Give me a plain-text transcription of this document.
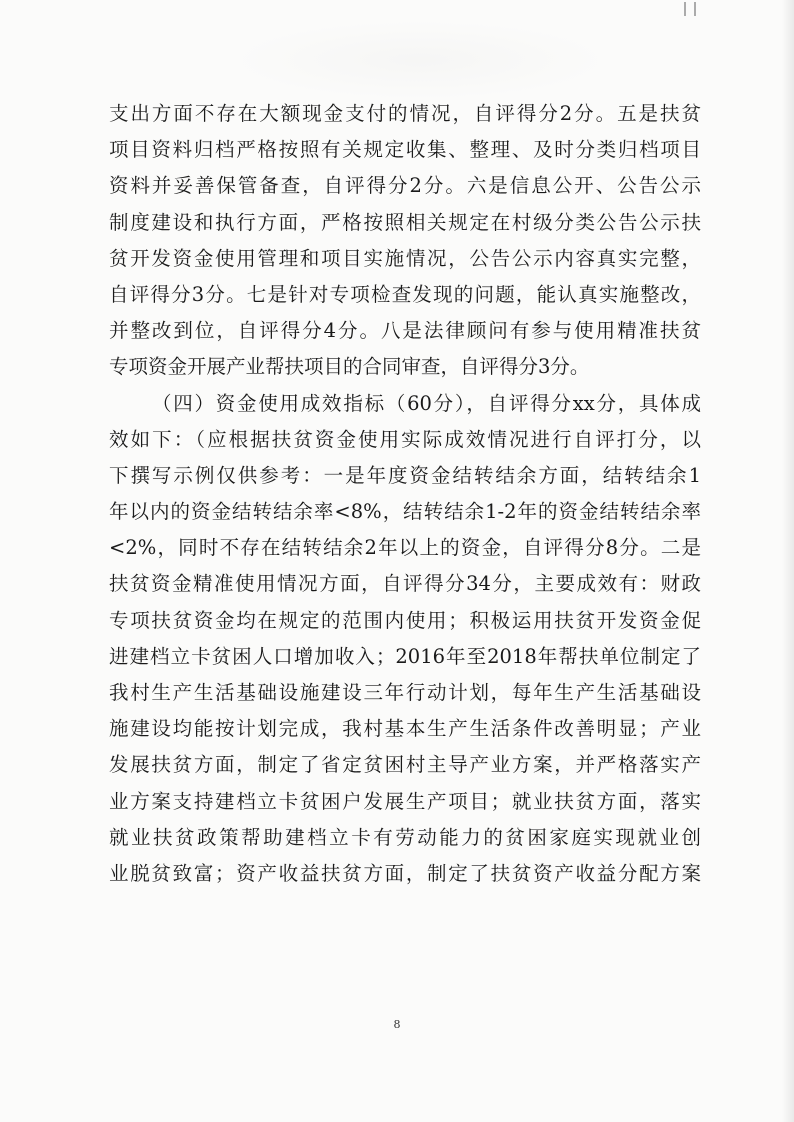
支出方面不存在大额现金支付的情况，自评得分2分。五是扶贫
项目资料归档严格按照有关规定收集、整理、及时分类归档项目
资料并妥善保管备查，自评得分2分。六是信息公开、公告公示
制度建设和执行方面，严格按照相关规定在村级分类公告公示扶
贫开发资金使用管理和项目实施情况，公告公示内容真实完整，
自评得分3分。七是针对专项检查发现的问题，能认真实施整改，
并整改到位，自评得分4分。八是法律顾问有参与使用精准扶贫
专项资金开展产业帮扶项目的合同审查，自评得分3分。
（四）资金使用成效指标（60分），自评得分xx分，具体成
效如下：（应根据扶贫资金使用实际成效情况进行自评打分，以
下撰写示例仅供参考：一是年度资金结转结余方面，结转结余1
年以内的资金结转结余率<8%，结转结余1-2年的资金结转结余率
<2%，同时不存在结转结余2年以上的资金，自评得分8分。二是
扶贫资金精准使用情况方面，自评得分34分，主要成效有：财政
专项扶贫资金均在规定的范围内使用；积极运用扶贫开发资金促
进建档立卡贫困人口增加收入；2016年至2018年帮扶单位制定了
我村生产生活基础设施建设三年行动计划，每年生产生活基础设
施建设均能按计划完成，我村基本生产生活条件改善明显；产业
发展扶贫方面，制定了省定贫困村主导产业方案，并严格落实产
业方案支持建档立卡贫困户发展生产项目；就业扶贫方面，落实
就业扶贫政策帮助建档立卡有劳动能力的贫困家庭实现就业创
业脱贫致富；资产收益扶贫方面，制定了扶贫资产收益分配方案
8
